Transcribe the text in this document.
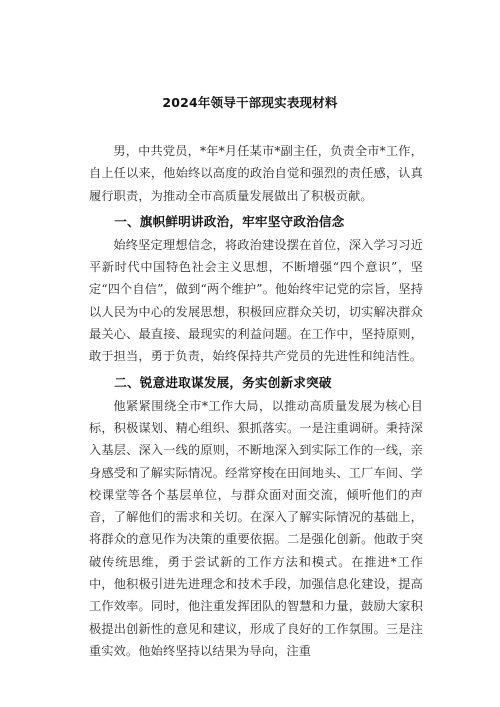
2024年领导干部现实表现材料

男，中共党员，*年*月任某市*副主任，负责全市*工作，自上任以来，他始终以高度的政治自觉和强烈的责任感，认真履行职责，为推动全市高质量发展做出了积极贡献。

一、旗帜鲜明讲政治，牢牢坚守政治信念

始终坚定理想信念，将政治建设摆在首位，深入学习习近平新时代中国特色社会主义思想，不断增强“四个意识”，坚定“四个自信”，做到“两个维护”。他始终牢记党的宗旨，坚持以人民为中心的发展思想，积极回应群众关切，切实解决群众最关心、最直接、最现实的利益问题。在工作中，坚持原则，敢于担当，勇于负责，始终保持共产党员的先进性和纯洁性。

二、锐意进取谋发展，务实创新求突破

他紧紧围绕全市*工作大局，以推动高质量发展为核心目标，积极谋划、精心组织、狠抓落实。一是注重调研。秉持深入基层、深入一线的原则，不断地深入到实际工作的一线，亲身感受和了解实际情况。经常穿梭在田间地头、工厂车间、学校课堂等各个基层单位，与群众面对面交流，倾听他们的声音，了解他们的需求和关切。在深入了解实际情况的基础上，将群众的意见作为决策的重要依据。二是强化创新。他敢于突破传统思维，勇于尝试新的工作方法和模式。在推进*工作中，他积极引进先进理念和技术手段，加强信息化建设，提高工作效率。同时，他注重发挥团队的智慧和力量，鼓励大家积极提出创新性的意见和建议，形成了良好的工作氛围。三是注重实效。他始终坚持以结果为导向，注重
